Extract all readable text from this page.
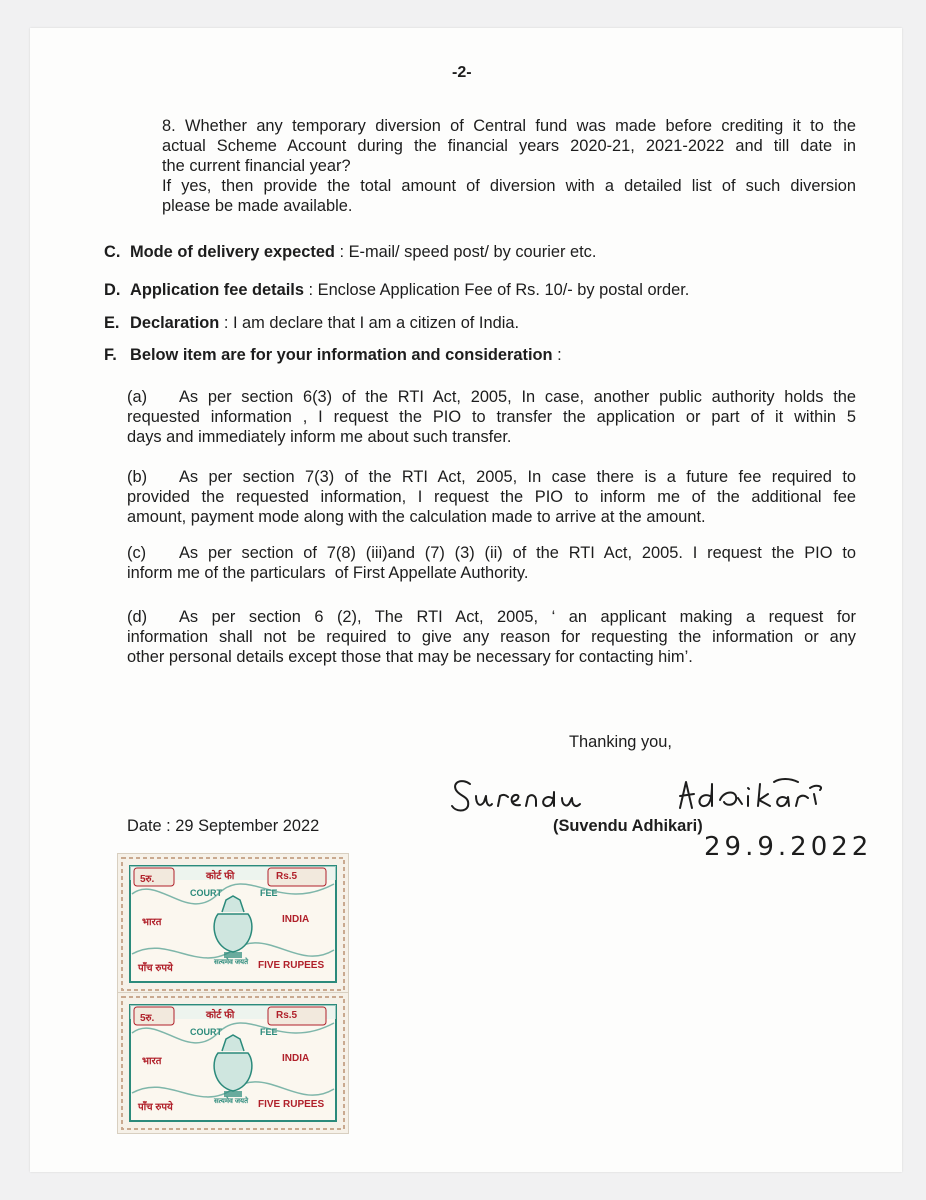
-2-
8. Whether any temporary diversion of Central fund was made before crediting it to the
actual Scheme Account during the financial years 2020-21, 2021-2022 and till date in
the current financial year?
If yes, then provide the total amount of diversion with a detailed list of such diversion
please be made available.
C. Mode of delivery expected : E-mail/ speed post/ by courier etc.
D. Application fee details : Enclose Application Fee of Rs. 10/- by postal order.
E. Declaration : I am declare that I am a citizen of India.
F. Below item are for your information and consideration :
(a) As per section 6(3) of the RTI Act, 2005, In case, another public authority holds the
requested information , I request the PIO to transfer the application or part of it within 5
days and immediately inform me about such transfer.
(b) As per section 7(3) of the RTI Act, 2005, In case there is a future fee required to
provided the requested information, I request the PIO to inform me of the additional fee
amount, payment mode along with the calculation made to arrive at the amount.
(c) As per section of 7(8) (iii)and (7) (3) (ii) of the RTI Act, 2005. I request the PIO to
inform me of the particulars  of First Appellate Authority.
(d) As per section 6 (2), The RTI Act, 2005, ‘ an applicant making a request for
information shall not be required to give any reason for requesting the information or any
other personal details except those that may be necessary for contacting him’.
Thanking you,
(Suvendu Adhikari)
29.9.2022
Date : 29 September 2022
5रु.	Rs.5
कोर्ट फी
COURT	FEE
भारत	INDIA
सत्यमेव जयते
पाँच रुपये	FIVE RUPEES
5रु.	Rs.5
कोर्ट फी
COURT	FEE
भारत	INDIA
सत्यमेव जयते
पाँच रुपये	FIVE RUPEES
